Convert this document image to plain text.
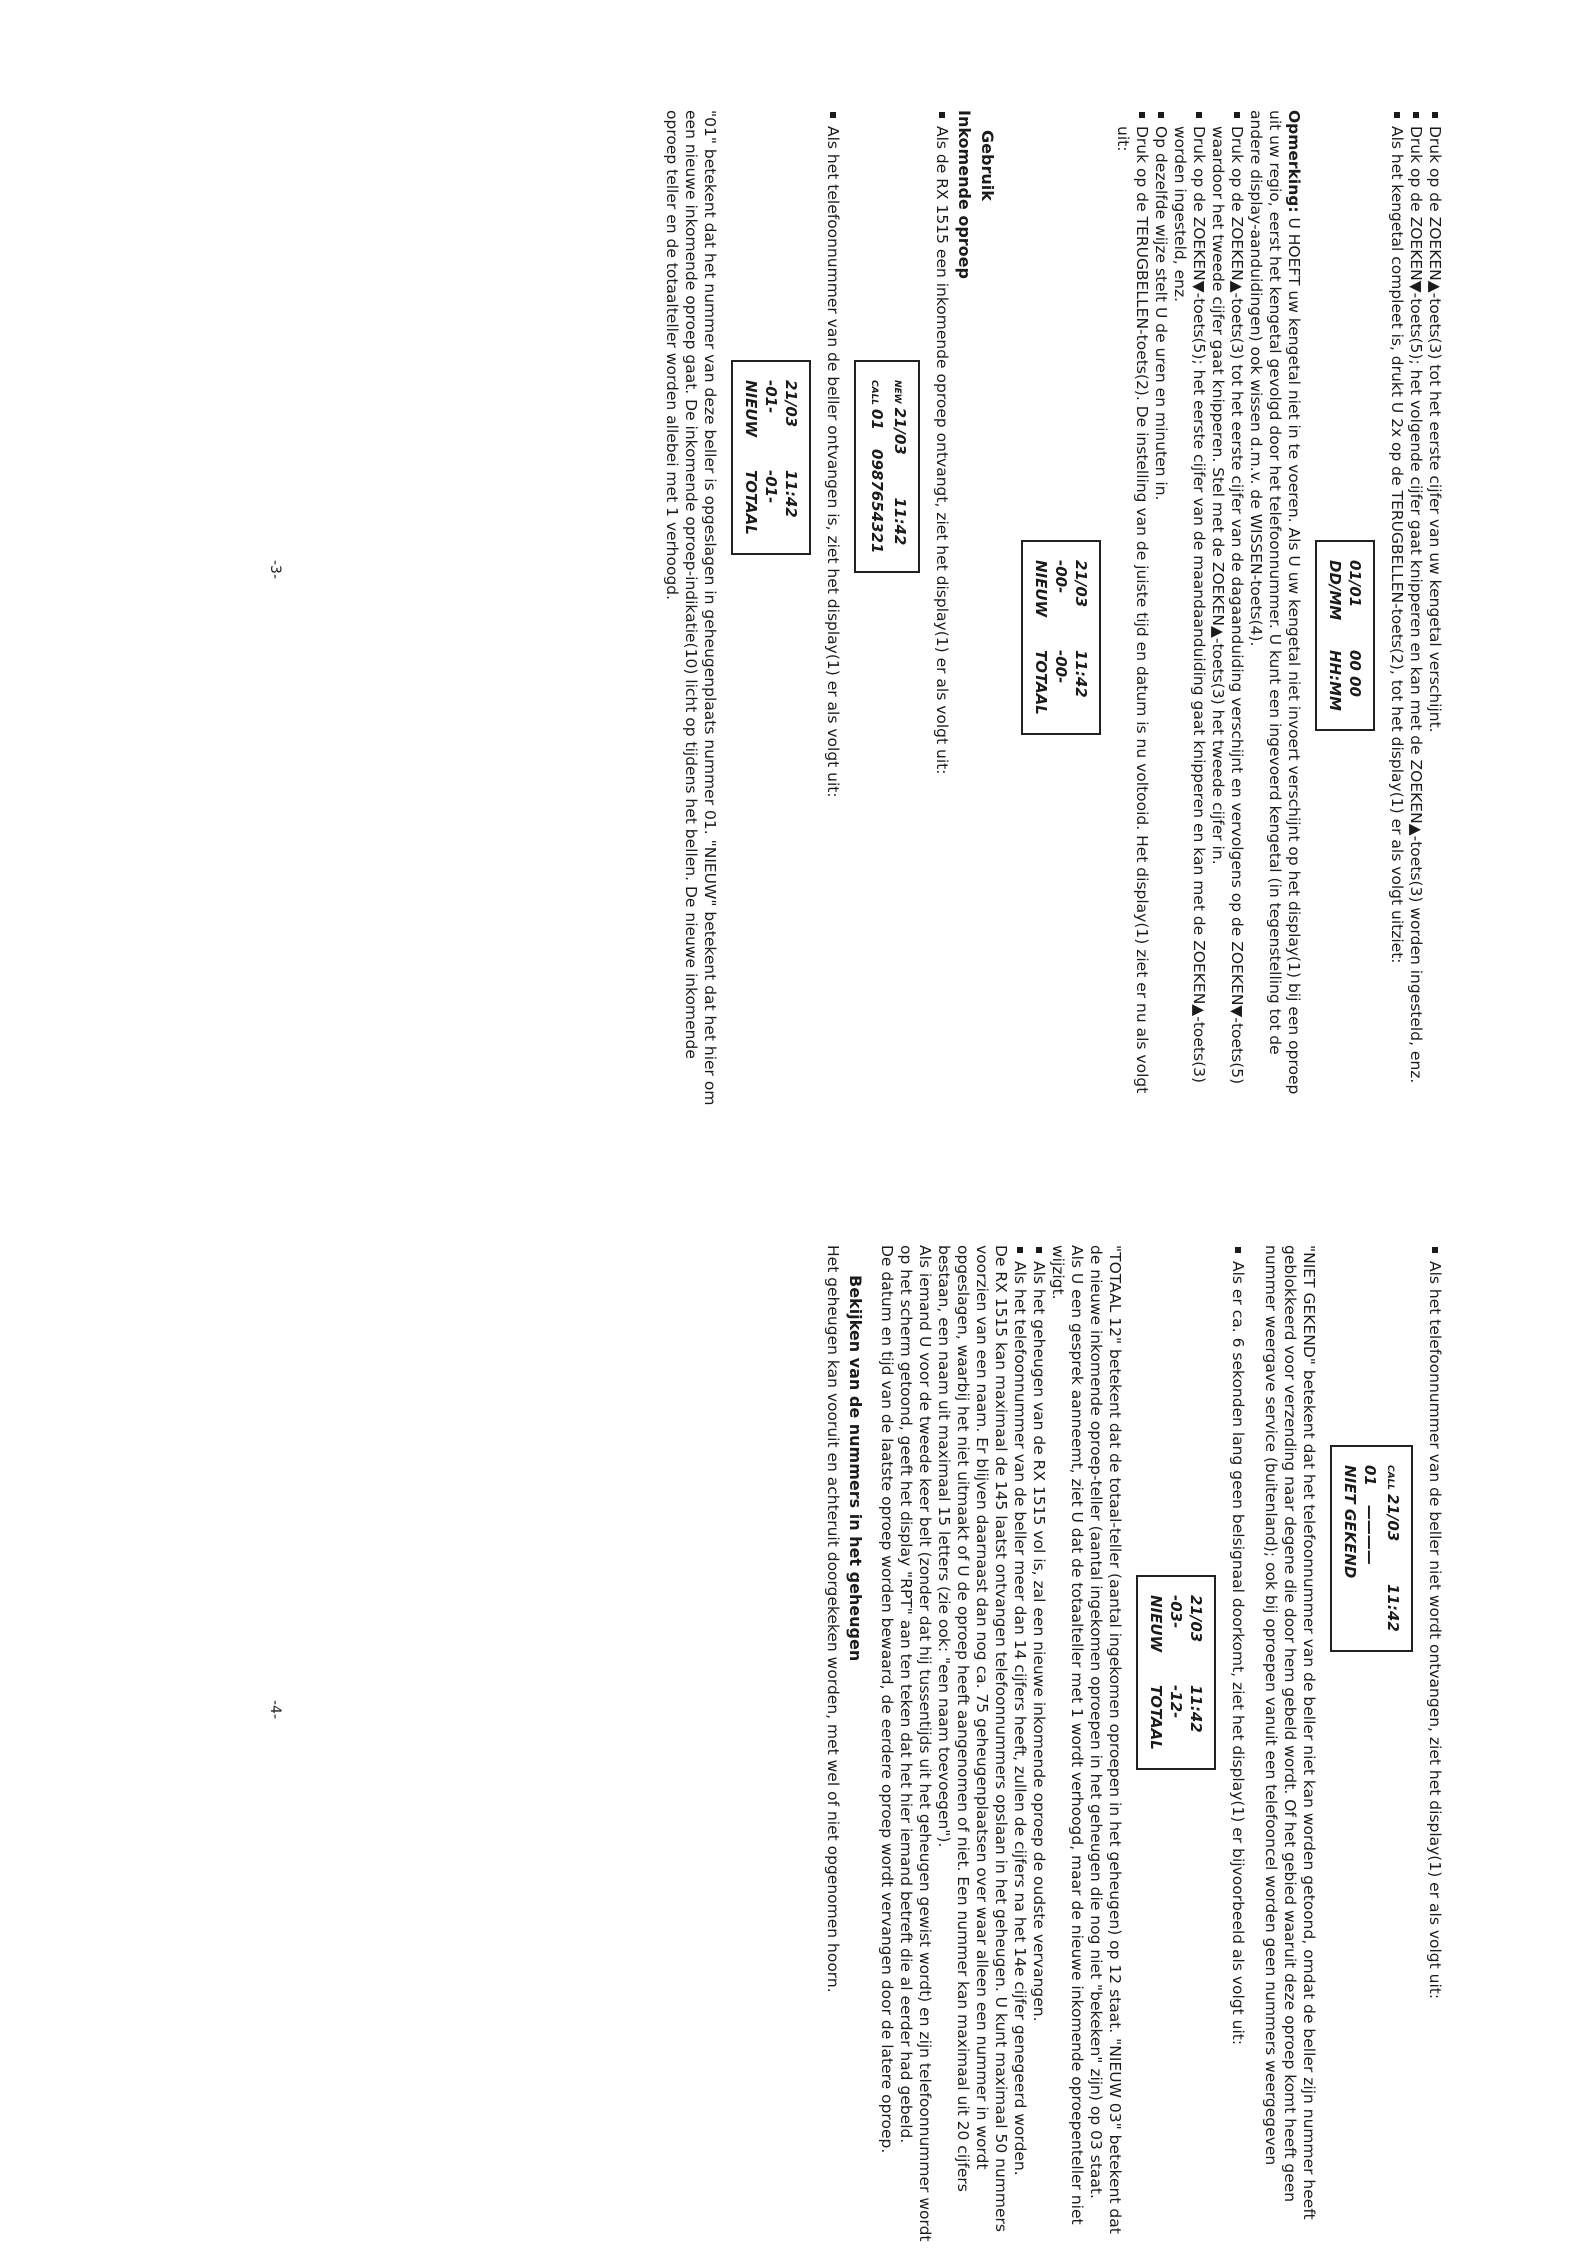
Druk op de ZOEKEN▲-toets(3) tot het eerste cijfer van uw kengetal verschijnt.
Druk op de ZOEKEN▼-toets(5); het volgende cijfer gaat knipperen en kan met de ZOEKEN▲-toets(3) worden ingesteld, enz.
Als het kengetal compleet is, drukt U 2x op de TERUGBELLEN-toets(2), tot het display(1) er als volgt uitziet:
01/01
00 00
DD/MM
HH:MM

Opmerking: U HOEFT uw kengetal niet in te voeren. Als U uw kengetal niet invoert verschijnt op het display(1) bij een oproep uit uw regio, eerst het kengetal gevolgd door het telefoonnummer. U kunt een ingevoerd kengetal (in tegenstelling tot de andere display-aanduidingen) ook wissen d.m.v. de WISSEN-toets(4).

Druk op de ZOEKEN▲-toets(3) tot het eerste cijfer van de dagaanduiding verschijnt en vervolgens op de ZOEKEN▼-toets(5) waardoor het tweede cijfer gaat knipperen. Stel met de ZOEKEN▲-toets(3) het tweede cijfer in.
Druk op de ZOEKEN▼-toets(5); het eerste cijfer van de maandaanduiding gaat knipperen en kan met de ZOEKEN▲-toets(3) worden ingesteld, enz.
Op dezelfde wijze stelt U de uren en minuten in.
Druk op de TERUGBELLEN-toets(2). De instelling van de juiste tijd en datum is nu voltooid. Het display(1) ziet er nu als volgt uit:
21/03
11:42
-00-
-00-
NIEUW
TOTAAL
Gebruik
Inkomende oproep
Als de RX 1515 een inkomende oproep ontvangt, ziet het display(1) er als volgt uit:
NEW
21/03
11:42
CALL
01
0987654321
Als het telefoonnummer van de beller ontvangen is, ziet het display(1) er als volgt uit:
21/03
11:42
-01-
-01-
NIEUW
TOTAAL

"01" betekent dat het nummer van deze beller is opgeslagen in geheugenplaats nummer 01. "NIEUW" betekent dat het hier om een nieuwe inkomende oproep gaat. De inkomende oproep-indikatie(10) licht op tijdens het bellen. De nieuwe inkomende oproep teller en de totaalteller worden allebei met 1 verhoogd.

-3-
Als het telefoonnummer van de beller niet wordt ontvangen, ziet het display(1) er als volgt uit:
CALL
21/03
11:42
01
————
NIET GEKEND

"NIET GEKEND" betekent dat het telefoonnummer van de beller niet kan worden getoond, omdat de beller zijn nummer heeft geblokkeerd voor verzending naar degene die door hem gebeld wordt. Of het gebied waaruit deze oproep komt heeft geen nummer weergave service (buitenland); ook bij oproepen vanuit een telefooncel worden geen nummers weergegeven

Als er ca. 6 sekonden lang geen belsignaal doorkomt, ziet het display(1) er bijvoorbeeld als volgt uit:
21/03
11:42
-03-
-12-
NIEUW
TOTAAL

"TOTAAL 12" betekent dat de totaal-teller (aantal ingekomen oproepen in het geheugen) op 12 staat. "NIEUW 03" betekent dat de nieuwe inkomende oproep-teller (aantal ingekomen oproepen in het geheugen die nog niet "bekeken" zijn) op 03 staat.

Als U een gesprek aanneemt, ziet U dat de totaalteller met 1 wordt verhoogd, maar de nieuwe inkomende oproepenteller niet wijzigt.

Als het geheugen van de RX 1515 vol is, zal een nieuwe inkomende oproep de oudste vervangen.
Als het telefoonnummer van de beller meer dan 14 cijfers heeft, zullen de cijfers na het 14e cijfer genegeerd worden.

De RX 1515 kan maximaal de 145 laatst ontvangen telefoonnummers opslaan in het geheugen. U kunt maximaal 50 nummers voorzien van een naam. Er blijven daarnaast dan nog ca. 75 geheugenplaatsen over waar alleen een nummer in wordt opgeslagen, waarbij het niet uitmaakt of U de oproep heeft aangenomen of niet. Een nummer kan maximaal uit 20 cijfers bestaan, een naam uit maximaal 15 letters (zie ook: "een naam toevoegen").

Als iemand U voor de tweede keer belt (zonder dat hij tussentijds uit het geheugen gewist wordt) en zijn telefoonnummer wordt op het scherm getoond, geeft het display "RPT" aan ten teken dat het hier iemand betreft die al eerder had gebeld.

De datum en tijd van de laatste oproep worden bewaard, de eerdere oproep wordt vervangen door de latere oproep.

Bekijken van de nummers in het geheugen

Het geheugen kan vooruit en achteruit doorgekeken worden, met wel of niet opgenomen hoorn.

-4-
